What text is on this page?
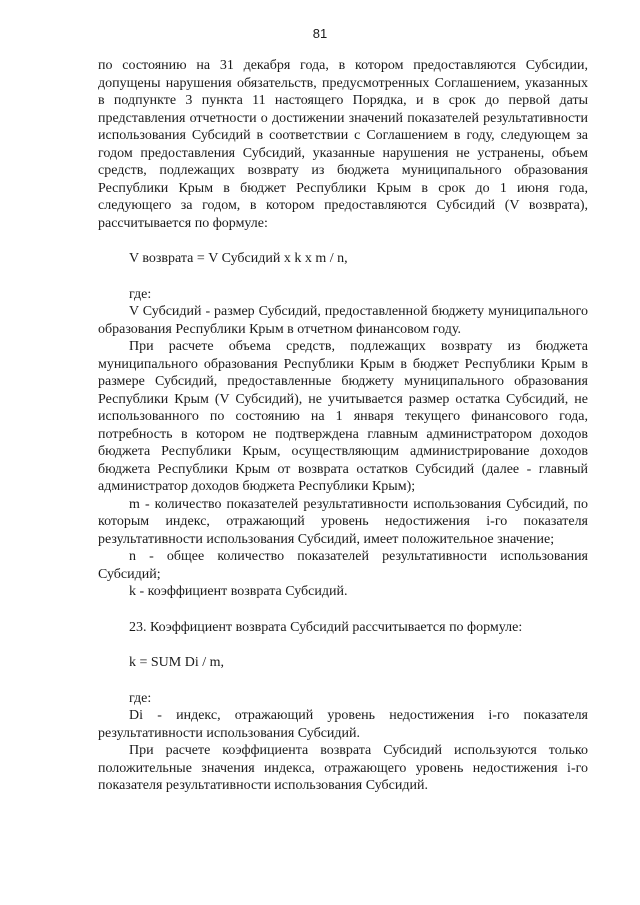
81

по состоянию на 31 декабря года, в котором предоставляются Субсидии, допущены нарушения обязательств, предусмотренных Соглашением, указанных в подпункте 3 пункта 11 настоящего Порядка, и в срок до первой даты представления отчетности о достижении значений показателей результативности использования Субсидий в соответствии с Соглашением в году, следующем за годом предоставления Субсидий, указанные нарушения не устранены, объем средств, подлежащих возврату из бюджета муниципального образования Республики Крым в бюджет Республики Крым в срок до 1 июня года, следующего за годом, в котором предоставляются Субсидий (V возврата), рассчитывается по формуле:

V возврата = V Субсидий x k x m / n,

где:

V Субсидий - размер Субсидий, предоставленной бюджету муниципального образования Республики Крым в отчетном финансовом году.

При расчете объема средств, подлежащих возврату из бюджета муниципального образования Республики Крым в бюджет Республики Крым в размере Субсидий, предоставленные бюджету муниципального образования Республики Крым (V Субсидий), не учитывается размер остатка Субсидий, не использованного по состоянию на 1 января текущего финансового года, потребность в котором не подтверждена главным администратором доходов бюджета Республики Крым, осуществляющим администрирование доходов бюджета Республики Крым от возврата остатков Субсидий (далее - главный администратор доходов бюджета Республики Крым);

m - количество показателей результативности использования Субсидий, по которым индекс, отражающий уровень недостижения i-го показателя результативности использования Субсидий, имеет положительное значение;

n - общее количество показателей результативности использования Субсидий;

k - коэффициент возврата Субсидий.

23. Коэффициент возврата Субсидий рассчитывается по формуле:

k = SUM Di / m,

где:

Di - индекс, отражающий уровень недостижения i-го показателя результативности использования Субсидий.

При расчете коэффициента возврата Субсидий используются только положительные значения индекса, отражающего уровень недостижения i-го показателя результативности использования Субсидий.
